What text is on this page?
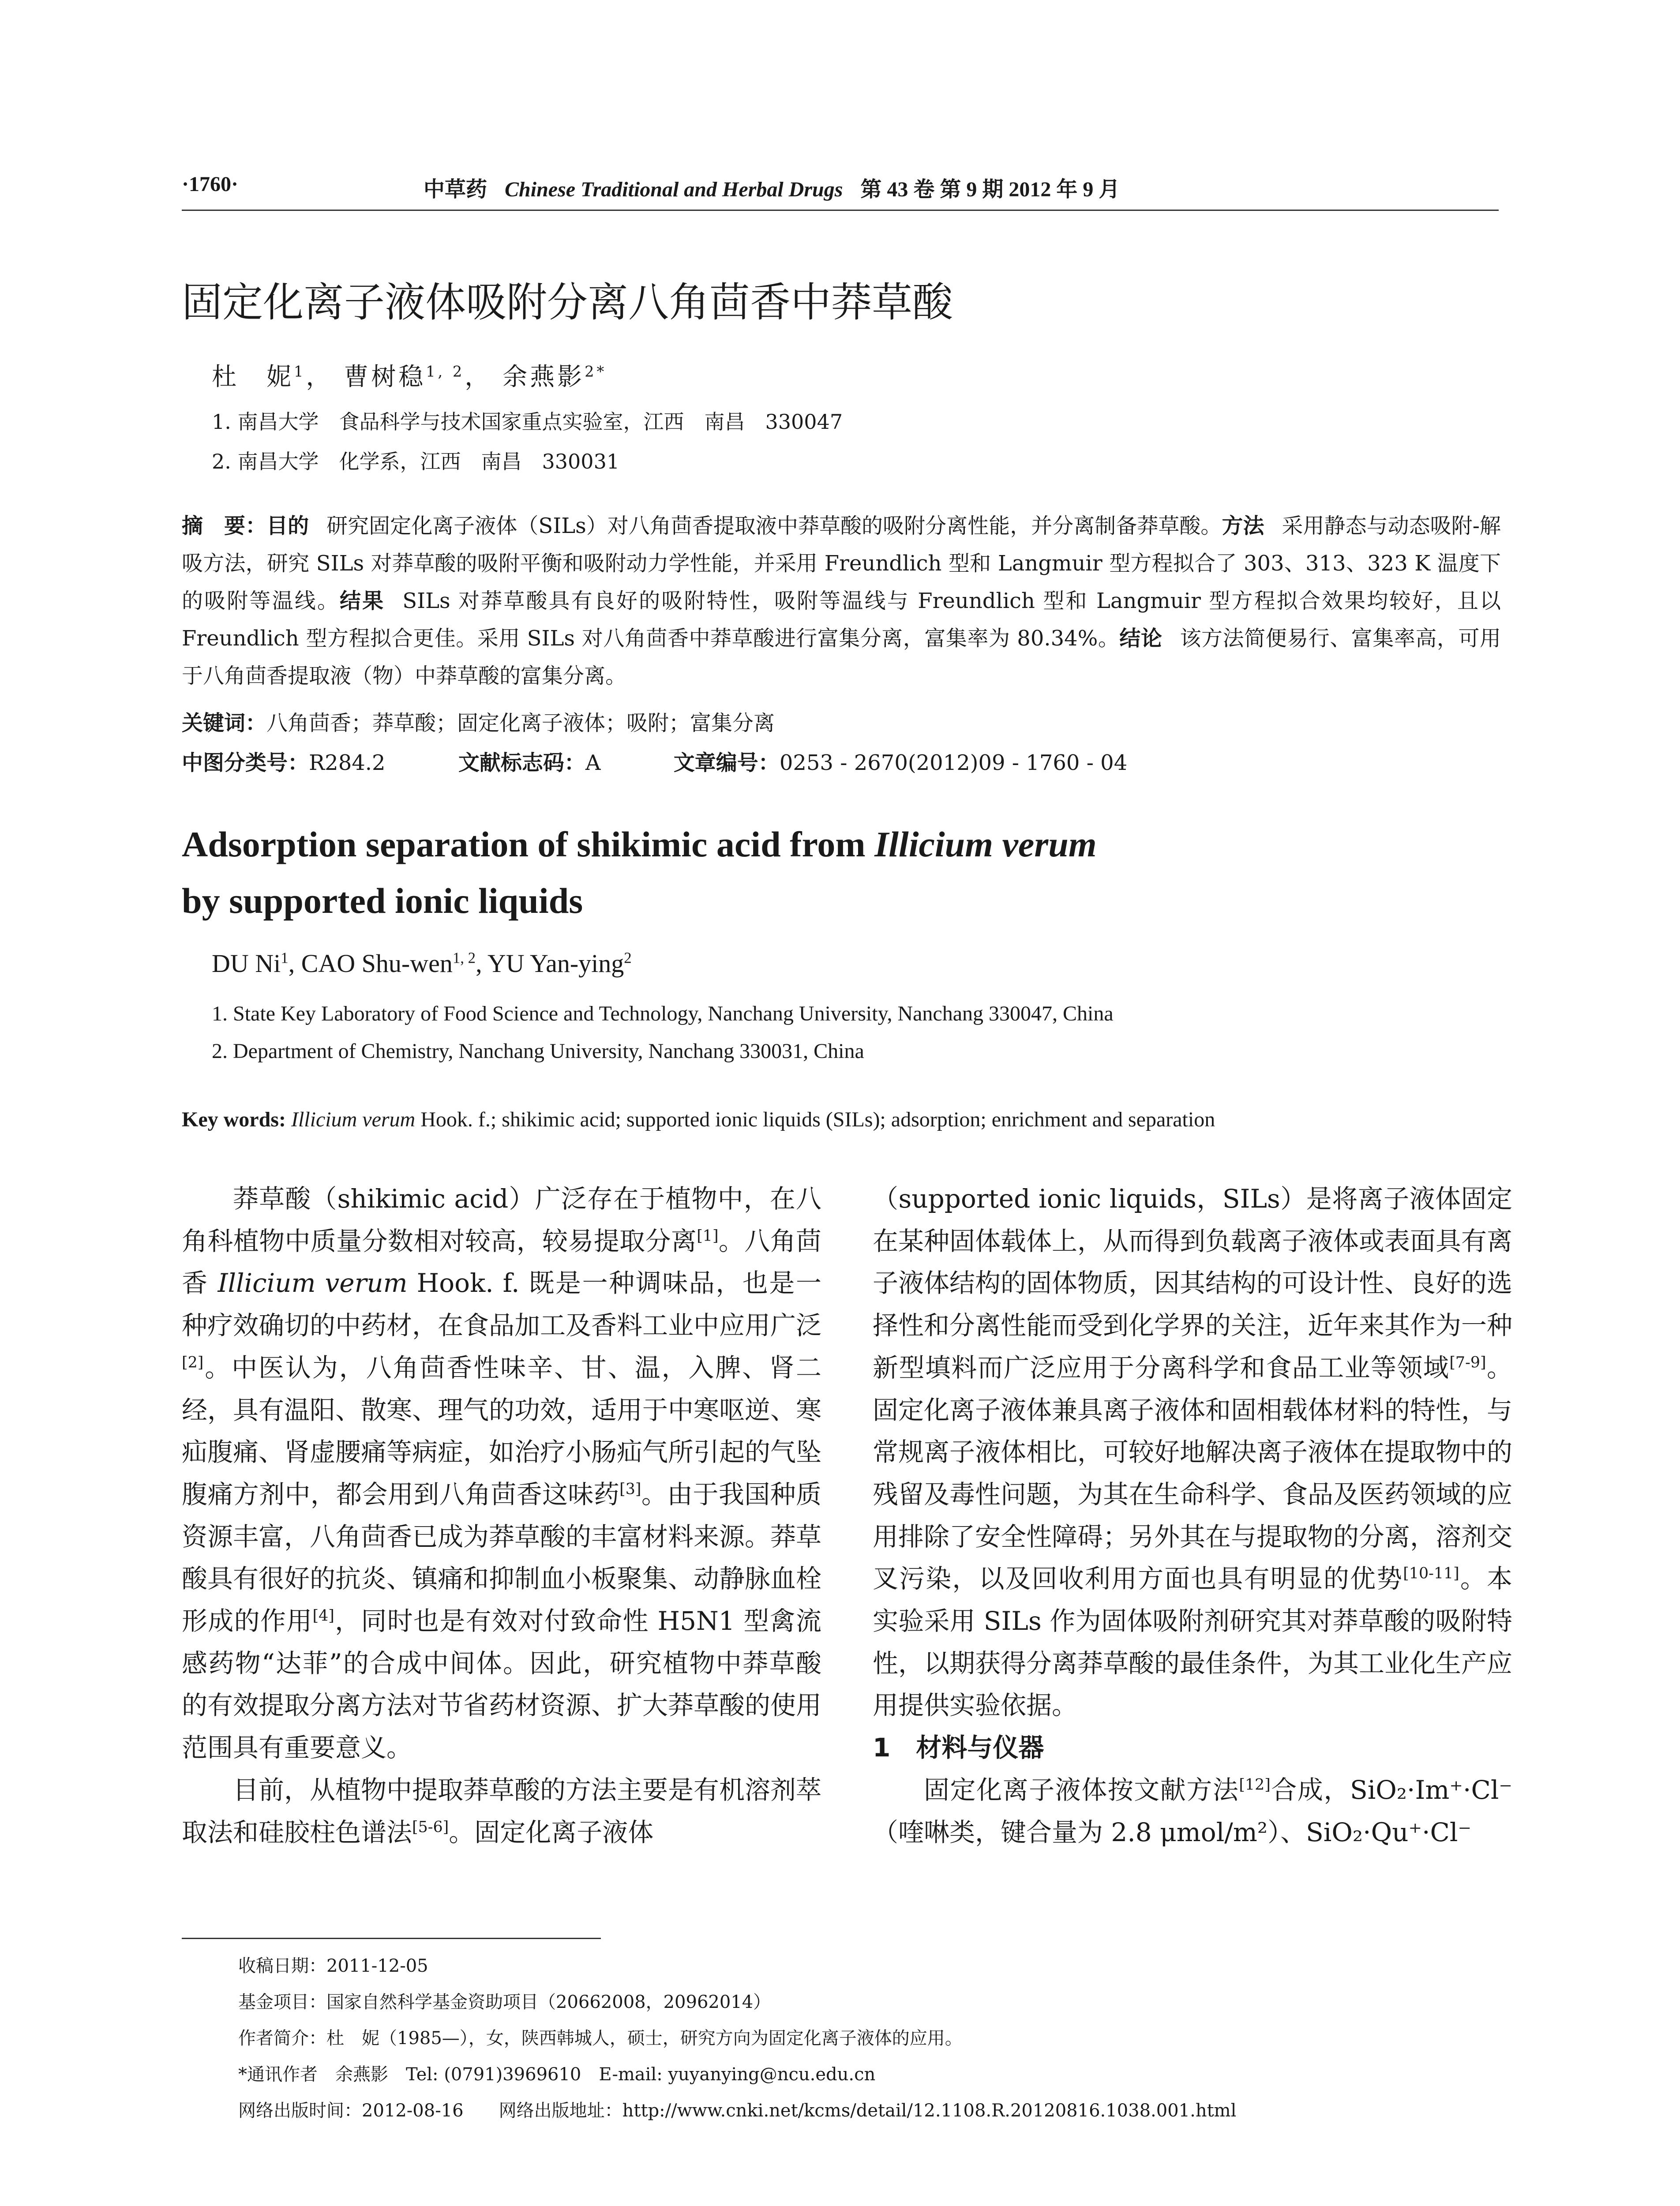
·1760·	中草药 Chinese Traditional and Herbal Drugs 第 43 卷 第 9 期 2012 年 9 月
固定化离子液体吸附分离八角茴香中莽草酸
杜　妮$^1$， 曹树稳$^{1, 2}$， 余燕影$^{2*}$
1. 南昌大学　食品科学与技术国家重点实验室，江西　南昌　330047
2. 南昌大学　化学系，江西　南昌　330031
摘　要：目的 研究固定化离子液体（SILs）对八角茴香提取液中莽草酸的吸附分离性能，并分离制备莽草酸。方法 采用静态与动态吸附-解吸方法，研究 SILs 对莽草酸的吸附平衡和吸附动力学性能，并采用 Freundlich 型和 Langmuir 型方程拟合了 303、313、323 K 温度下的吸附等温线。结果 SILs 对莽草酸具有良好的吸附特性，吸附等温线与 Freundlich 型和 Langmuir 型方程拟合效果均较好，且以 Freundlich 型方程拟合更佳。采用 SILs 对八角茴香中莽草酸进行富集分离，富集率为 80.34%。结论 该方法简便易行、富集率高，可用于八角茴香提取液（物）中莽草酸的富集分离。
关键词：八角茴香；莽草酸；固定化离子液体；吸附；富集分离
中图分类号：R284.2	文献标志码：A	文章编号：0253 - 2670(2012)09 - 1760 - 04
Adsorption separation of shikimic acid from Illicium verum
by supported ionic liquids
DU Ni$^1$, CAO Shu-wen$^{1, 2}$, YU Yan-ying$^2$
1. State Key Laboratory of Food Science and Technology, Nanchang University, Nanchang 330047, China
2. Department of Chemistry, Nanchang University, Nanchang 330031, China
Key words: Illicium verum Hook. f.; shikimic acid; supported ionic liquids (SILs); adsorption; enrichment and separation

莽草酸（shikimic acid）广泛存在于植物中，在八角科植物中质量分数相对较高，较易提取分离[1]。八角茴香 Illicium verum Hook. f. 既是一种调味品，也是一种疗效确切的中药材，在食品加工及香料工业中应用广泛[2]。中医认为，八角茴香性味辛、甘、温，入脾、肾二经，具有温阳、散寒、理气的功效，适用于中寒呕逆、寒疝腹痛、肾虚腰痛等病症，如治疗小肠疝气所引起的气坠腹痛方剂中，都会用到八角茴香这味药[3]。由于我国种质资源丰富，八角茴香已成为莽草酸的丰富材料来源。莽草酸具有很好的抗炎、镇痛和抑制血小板聚集、动静脉血栓形成的作用[4]，同时也是有效对付致命性 H5N1 型禽流感药物“达菲”的合成中间体。因此，研究植物中莽草酸的有效提取分离方法对节省药材资源、扩大莽草酸的使用范围具有重要意义。

目前，从植物中提取莽草酸的方法主要是有机溶剂萃取法和硅胶柱色谱法[5-6]。固定化离子液体

（supported ionic liquids，SILs）是将离子液体固定在某种固体载体上，从而得到负载离子液体或表面具有离子液体结构的固体物质，因其结构的可设计性、良好的选择性和分离性能而受到化学界的关注，近年来其作为一种新型填料而广泛应用于分离科学和食品工业等领域[7-9]。固定化离子液体兼具离子液体和固相载体材料的特性，与常规离子液体相比，可较好地解决离子液体在提取物中的残留及毒性问题，为其在生命科学、食品及医药领域的应用排除了安全性障碍；另外其在与提取物的分离，溶剂交叉污染，以及回收利用方面也具有明显的优势[10-11]。本实验采用 SILs 作为固体吸附剂研究其对莽草酸的吸附特性，以期获得分离莽草酸的最佳条件，为其工业化生产应用提供实验依据。

1　材料与仪器

固定化离子液体按文献方法[12]合成，SiO₂·Im⁺·Cl⁻（喹啉类，键合量为 2.8 μmol/m²）、SiO₂·Qu⁺·Cl⁻

收稿日期：2011-12-05
基金项目：国家自然科学基金资助项目（20662008，20962014）
作者简介：杜　妮（1985—），女，陕西韩城人，硕士，研究方向为固定化离子液体的应用。
*通讯作者　余燕影　Tel: (0791)3969610　E-mail: yuyanying@ncu.edu.cn
网络出版时间：2012-08-16　　网络出版地址：http://www.cnki.net/kcms/detail/12.1108.R.20120816.1038.001.html
